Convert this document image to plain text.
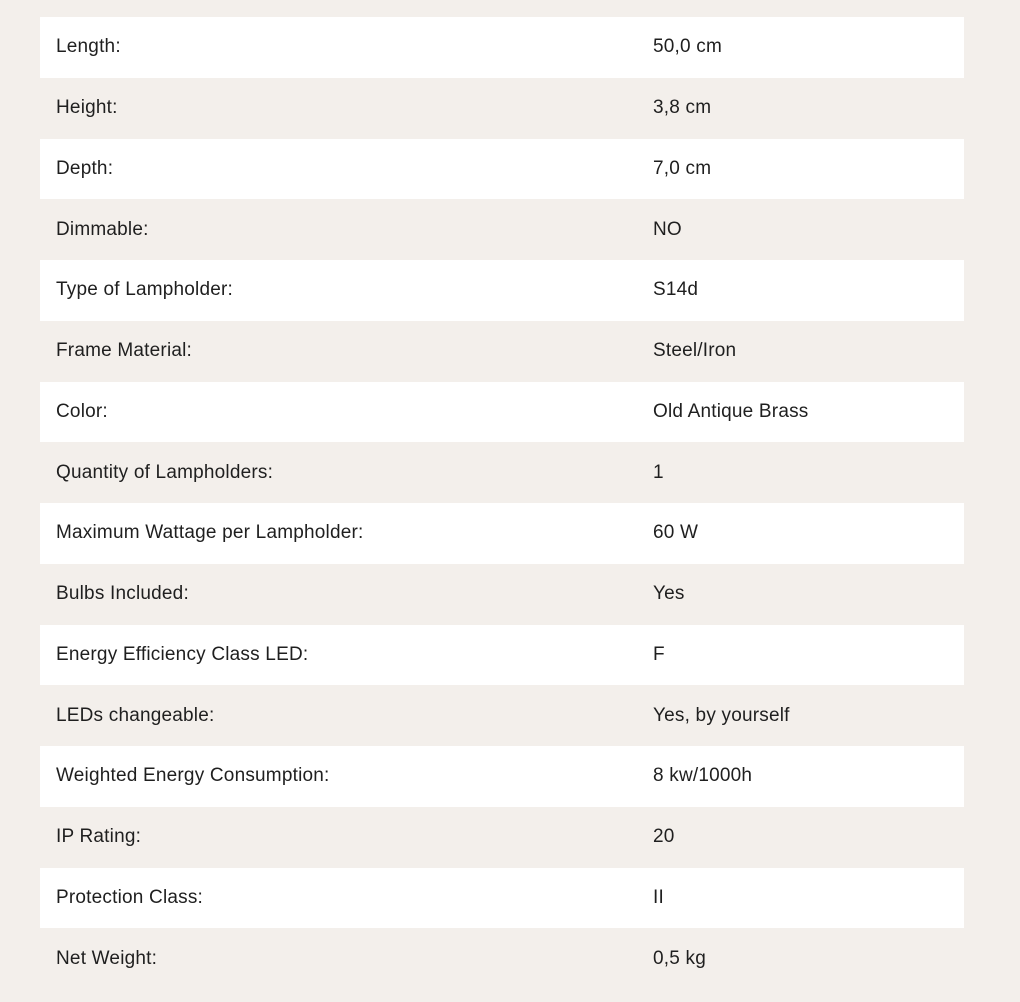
Length:	50,0 cm
Height:	3,8 cm
Depth:	7,0 cm
Dimmable:	NO
Type of Lampholder:	S14d
Frame Material:	Steel/Iron
Color:	Old Antique Brass
Quantity of Lampholders:	1
Maximum Wattage per Lampholder:	60 W
Bulbs Included:	Yes
Energy Efficiency Class LED:	F
LEDs changeable:	Yes, by yourself
Weighted Energy Consumption:	8 kw/1000h
IP Rating:	20
Protection Class:	II
Net Weight:	0,5 kg
